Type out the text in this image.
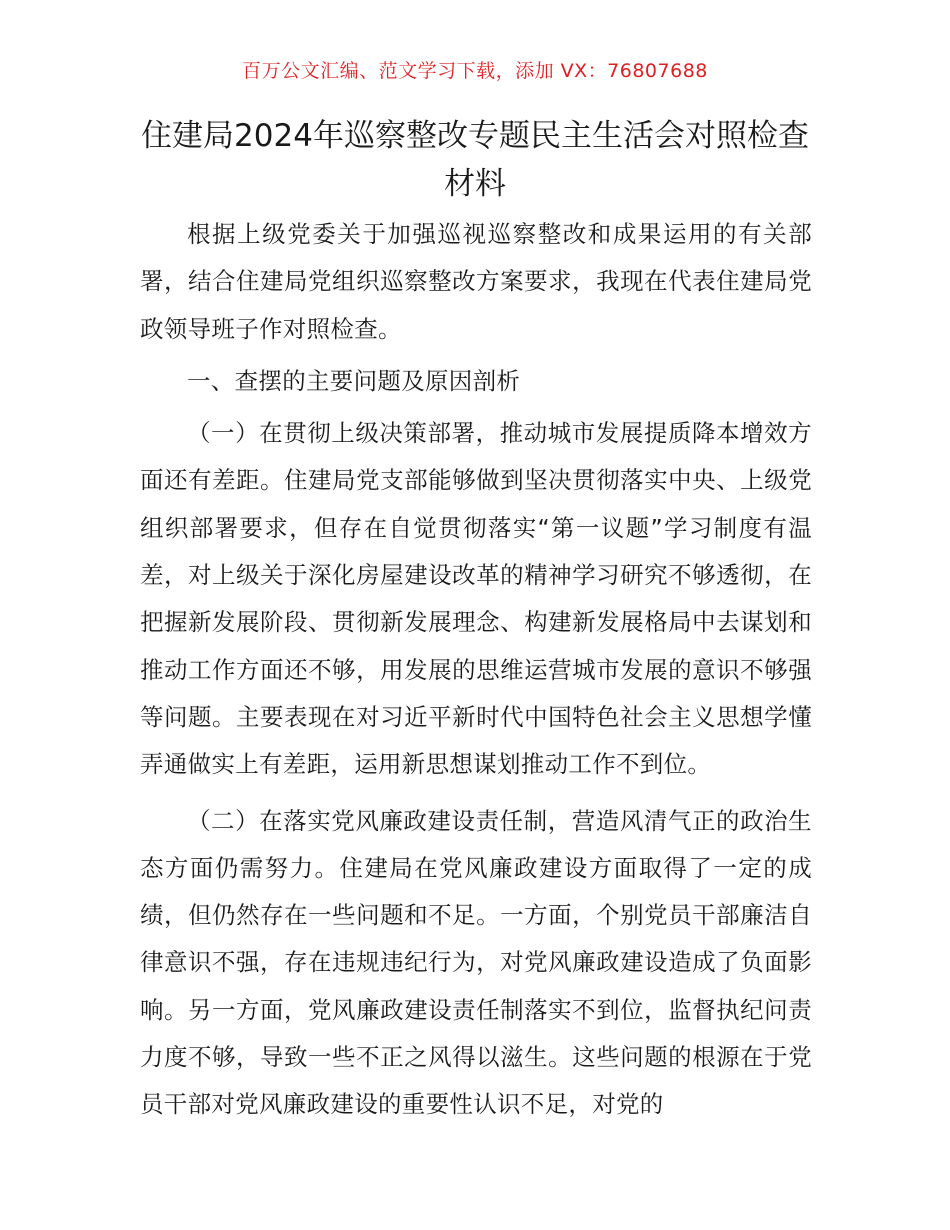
百万公文汇编、范文学习下载，添加 VX：76807688
住建局2024年巡察整改专题民主生活会对照检查材料

根据上级党委关于加强巡视巡察整改和成果运用的有关部署，结合住建局党组织巡察整改方案要求，我现在代表住建局党政领导班子作对照检查。

一、查摆的主要问题及原因剖析

（一）在贯彻上级决策部署，推动城市发展提质降本增效方面还有差距。住建局党支部能够做到坚决贯彻落实中央、上级党组织部署要求，但存在自觉贯彻落实“第一议题”学习制度有温差，对上级关于深化房屋建设改革的精神学习研究不够透彻，在把握新发展阶段、贯彻新发展理念、构建新发展格局中去谋划和推动工作方面还不够，用发展的思维运营城市发展的意识不够强等问题。主要表现在对习近平新时代中国特色社会主义思想学懂弄通做实上有差距，运用新思想谋划推动工作不到位。

（二）在落实党风廉政建设责任制，营造风清气正的政治生态方面仍需努力。住建局在党风廉政建设方面取得了一定的成绩，但仍然存在一些问题和不足。一方面，个别党员干部廉洁自律意识不强，存在违规违纪行为，对党风廉政建设造成了负面影响。另一方面，党风廉政建设责任制落实不到位，监督执纪问责力度不够，导致一些不正之风得以滋生。这些问题的根源在于党员干部对党风廉政建设的重要性认识不足，对党的
